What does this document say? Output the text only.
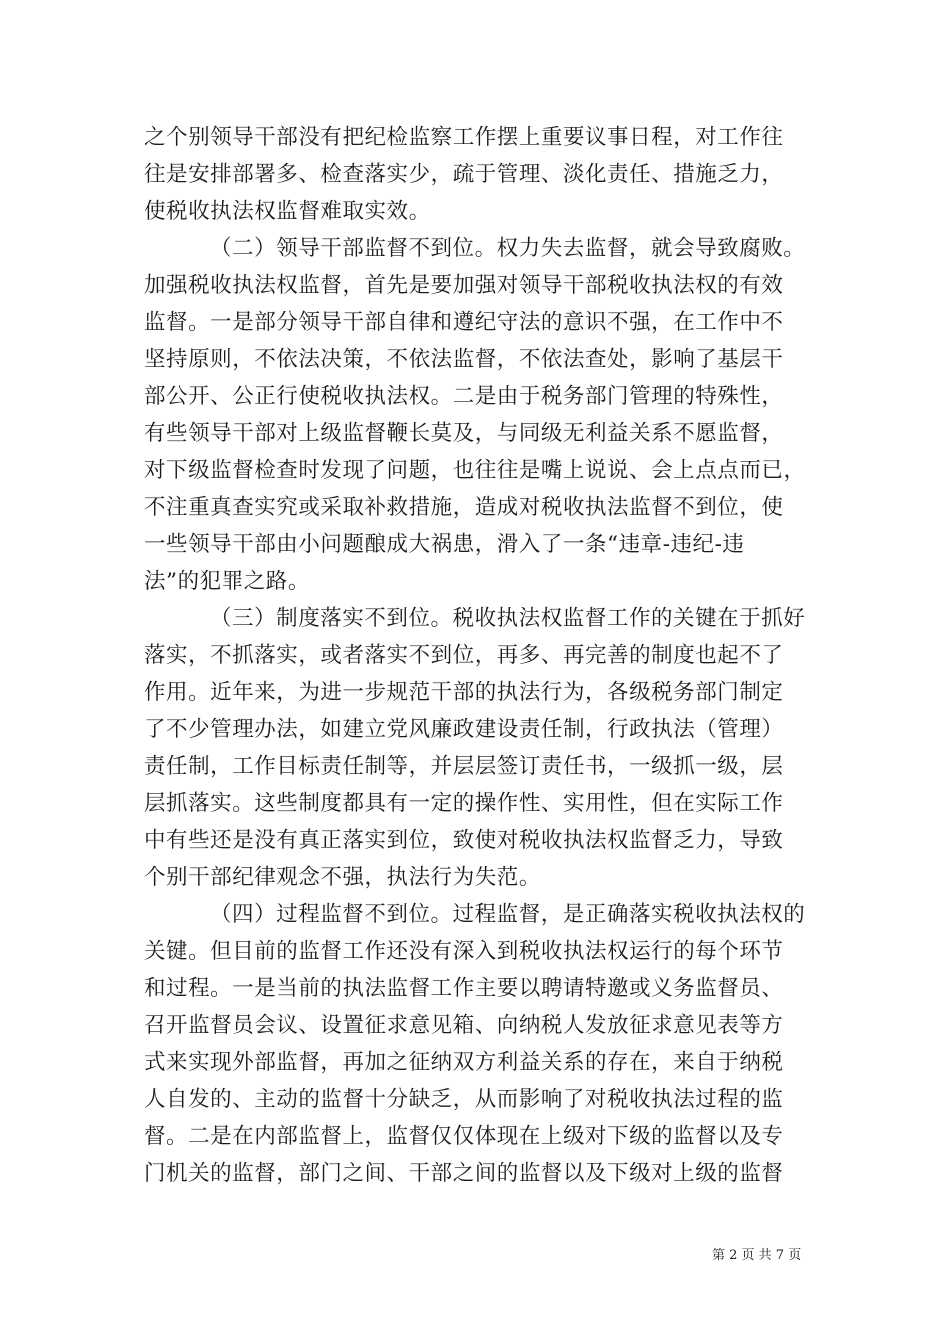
之个别领导干部没有把纪检监察工作摆上重要议事日程，对工作往
往是安排部署多、检查落实少，疏于管理、淡化责任、措施乏力，
使税收执法权监督难取实效。
（二）领导干部监督不到位。权力失去监督，就会导致腐败。
加强税收执法权监督，首先是要加强对领导干部税收执法权的有效
监督。一是部分领导干部自律和遵纪守法的意识不强，在工作中不
坚持原则，不依法决策，不依法监督，不依法查处，影响了基层干
部公开、公正行使税收执法权。二是由于税务部门管理的特殊性，
有些领导干部对上级监督鞭长莫及，与同级无利益关系不愿监督，
对下级监督检查时发现了问题，也往往是嘴上说说、会上点点而已，
不注重真查实究或采取补救措施，造成对税收执法监督不到位，使
一些领导干部由小问题酿成大祸患，滑入了一条“违章-违纪-违
法”的犯罪之路。
（三）制度落实不到位。税收执法权监督工作的关键在于抓好
落实，不抓落实，或者落实不到位，再多、再完善的制度也起不了
作用。近年来，为进一步规范干部的执法行为，各级税务部门制定
了不少管理办法，如建立党风廉政建设责任制，行政执法（管理）
责任制，工作目标责任制等，并层层签订责任书，一级抓一级，层
层抓落实。这些制度都具有一定的操作性、实用性，但在实际工作
中有些还是没有真正落实到位，致使对税收执法权监督乏力，导致
个别干部纪律观念不强，执法行为失范。
（四）过程监督不到位。过程监督，是正确落实税收执法权的
关键。但目前的监督工作还没有深入到税收执法权运行的每个环节
和过程。一是当前的执法监督工作主要以聘请特邀或义务监督员、
召开监督员会议、设置征求意见箱、向纳税人发放征求意见表等方
式来实现外部监督，再加之征纳双方利益关系的存在，来自于纳税
人自发的、主动的监督十分缺乏，从而影响了对税收执法过程的监
督。二是在内部监督上，监督仅仅体现在上级对下级的监督以及专
门机关的监督，部门之间、干部之间的监督以及下级对上级的监督
第 2 页 共 7 页
